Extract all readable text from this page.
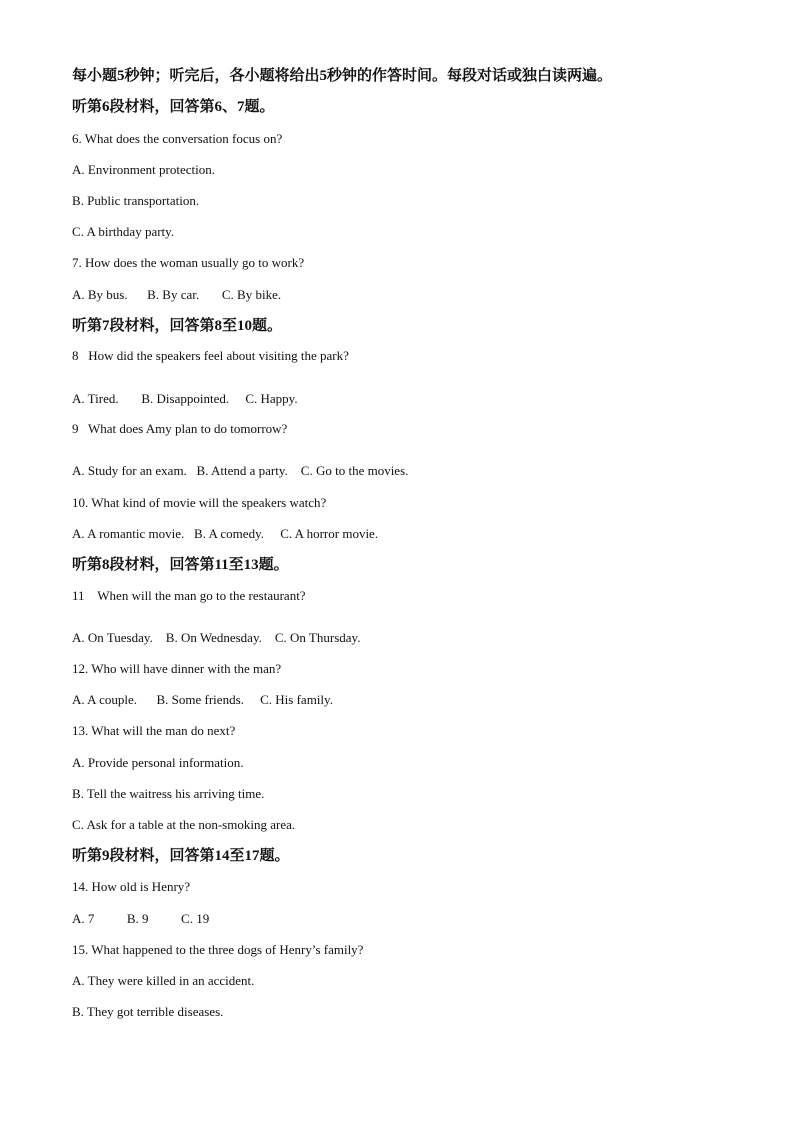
每小题5秒钟；听完后，各小题将给出5秒钟的作答时间。每段对话或独白读两遍。
听第6段材料，回答第6、7题。
6. What does the conversation focus on?
A. Environment protection.
B. Public transportation.
C. A birthday party.
7. How does the woman usually go to work?
A. By bus.      B. By car.       C. By bike.
听第7段材料，回答第8至10题。
8   How did the speakers feel about visiting the park?
A. Tired.       B. Disappointed.     C. Happy.
9   What does Amy plan to do tomorrow?
A. Study for an exam.   B. Attend a party.    C. Go to the movies.
10. What kind of movie will the speakers watch?
A. A romantic movie.   B. A comedy.     C. A horror movie.
听第8段材料，回答第11至13题。
11    When will the man go to the restaurant?
A. On Tuesday.    B. On Wednesday.    C. On Thursday.
12. Who will have dinner with the man?
A. A couple.      B. Some friends.     C. His family.
13. What will the man do next?
A. Provide personal information.
B. Tell the waitress his arriving time.
C. Ask for a table at the non-smoking area.
听第9段材料，回答第14至17题。
14. How old is Henry?
A. 7          B. 9          C. 19
15. What happened to the three dogs of Henry’s family?
A. They were killed in an accident.
B. They got terrible diseases.
